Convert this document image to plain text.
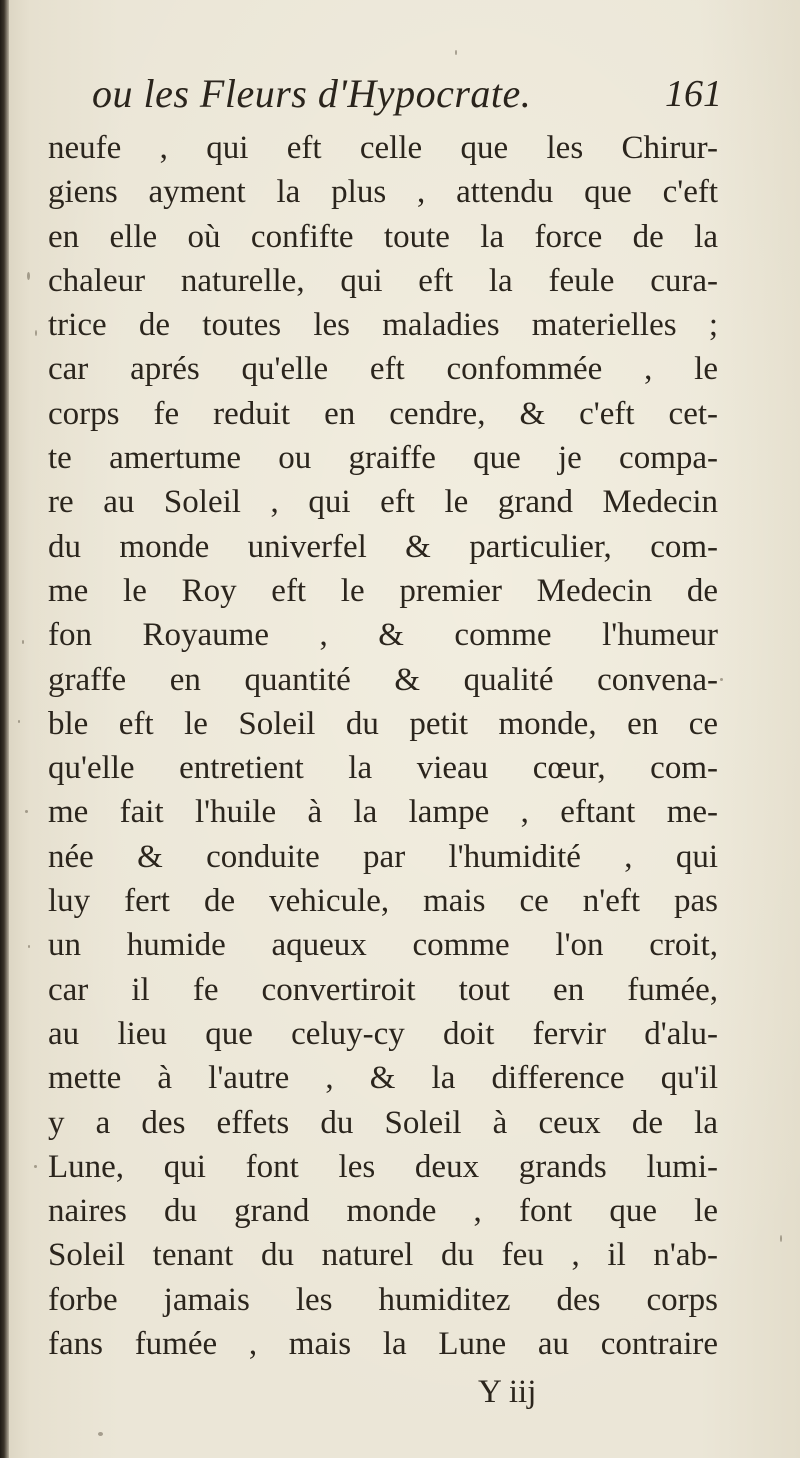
ou les Fleurs d'Hypocrate.	161
neufe , qui eft celle que les Chirur-
giens ayment la plus , attendu que c'eft
en elle où confifte toute la force de la
chaleur naturelle, qui eft la feule cura-
trice de toutes les maladies materielles ;
car aprés qu'elle eft confommée , le
corps fe reduit en cendre, & c'eft cet-
te amertume ou graiffe que je compa-
re au Soleil , qui eft le grand Medecin
du monde univerfel & particulier, com-
me le Roy eft le premier Medecin de
fon Royaume , & comme l'humeur
graffe en quantité & qualité convena-
ble eft le Soleil du petit monde, en ce
qu'elle entretient la vieau cœur, com-
me fait l'huile à la lampe , eftant me-
née & conduite par l'humidité , qui
luy fert de vehicule, mais ce n'eft pas
un humide aqueux comme l'on croit,
car il fe convertiroit tout en fumée,
au lieu que celuy-cy doit fervir d'alu-
mette à l'autre , & la difference qu'il
y a des effets du Soleil à ceux de la
Lune, qui font les deux grands lumi-
naires du grand monde , font que le
Soleil tenant du naturel du feu , il n'ab-
forbe jamais les humiditez des corps
fans fumée , mais la Lune au contraire
Y iij
